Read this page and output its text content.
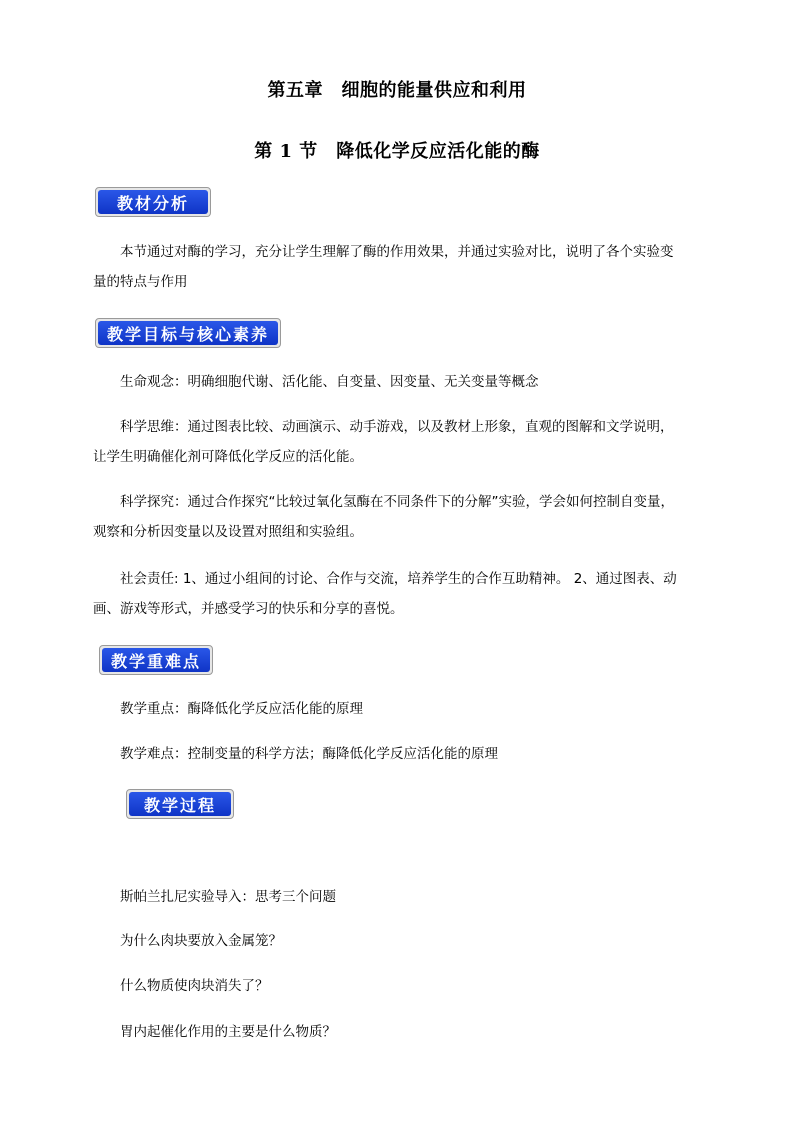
第五章　细胞的能量供应和利用
第 1 节　降低化学反应活化能的酶
教材分析
本节通过对酶的学习，充分让学生理解了酶的作用效果，并通过实验对比，说明了各个实验变
量的特点与作用
教学目标与核心素养
生命观念：明确细胞代谢、活化能、自变量、因变量、无关变量等概念
科学思维：通过图表比较、动画演示、动手游戏，以及教材上形象，直观的图解和文学说明，
让学生明确催化剂可降低化学反应的活化能。
科学探究：通过合作探究“比较过氧化氢酶在不同条件下的分解”实验，学会如何控制自变量，
观察和分析因变量以及设置对照组和实验组。
社会责任: 1、通过小组间的讨论、合作与交流，培养学生的合作互助精神。 2、通过图表、动
画、游戏等形式，并感受学习的快乐和分享的喜悦。
教学重难点
教学重点：酶降低化学反应活化能的原理
教学难点：控制变量的科学方法；酶降低化学反应活化能的原理
教学过程
斯帕兰扎尼实验导入：思考三个问题
为什么肉块要放入金属笼？
什么物质使肉块消失了？
胃内起催化作用的主要是什么物质？
